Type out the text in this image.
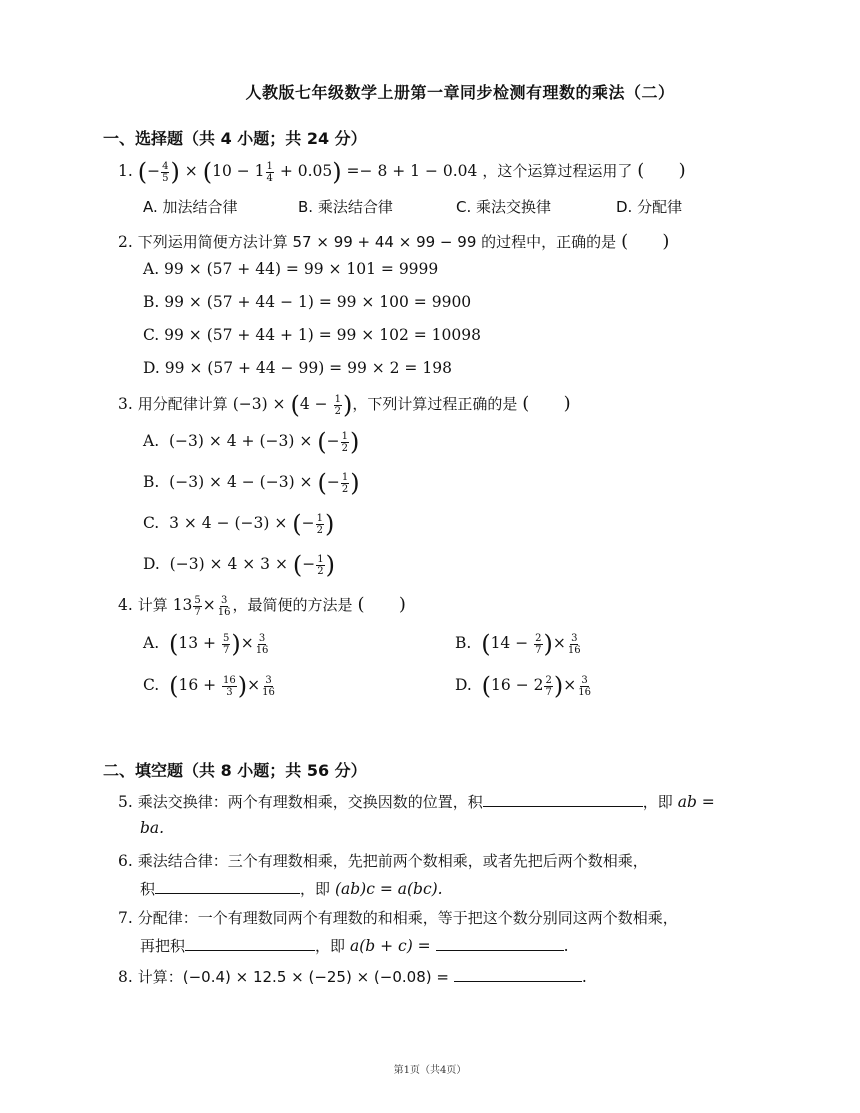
人教版七年级数学上册第一章同步检测有理数的乘法（二）
一、选择题（共 4 小题；共 24 分）
1. (− $\frac{4}{5}$ ) × $(10 - 1 \frac{1}{4} + 0.05) =- 8 + 1 - 0.04$ ，这个运算过程运用了 (      )
A. 加法结合律	B. 乘法结合律	C. 乘法交换律	D. 分配律
2. 下列运用简便方法计算 57 × 99 + 44 × 99 − 99 的过程中，正确的是 (      )
A. 99 × (57 + 44) = 99 × 101 = 9999
B. 99 × (57 + 44 − 1) = 99 × 100 = 9900
C. 99 × (57 + 44 + 1) = 99 × 102 = 10098
D. 99 × (57 + 44 − 99) = 99 × 2 = 198
3. 用分配律计算 $(-3) \times (4 - \frac{1}{2}$ )，下列计算过程正确的是 (      )
A.  (−3) × 4 + (−3) × (− $\frac{1}{2}$ )
B.  (−3) × 4 − (−3) × (− $\frac{1}{2}$ )
C.  3 × 4 − (−3) × (− $\frac{1}{2}$ )
D.  (−3) × 4 × 3 × (− $\frac{1}{2}$ )
4. 计算 $13 \frac{5}{7} \times \frac{3}{16}$ ，最简便的方法是 (      )
A. ($13 + \frac{5}{7}$ )× $\frac{3}{16}$	B. ($14 - \frac{2}{7}$ )× $\frac{3}{16}$
C. ($16 + \frac{16}{3}$ )× $\frac{3}{16}$	D. ($16 - 2 \frac{2}{7}$ )× $\frac{3}{16}$
二、填空题（共 8 小题；共 56 分）
5. 乘法交换律：两个有理数相乘，交换因数的位置，积	，即 ab =
ba.
6. 乘法结合律：三个有理数相乘，先把前两个数相乘，或者先把后两个数相乘，
积	，即 (ab)c = a(bc).
7. 分配律：一个有理数同两个有理数的和相乘，等于把这个数分别同这两个数相乘，
再把积	，即 a(b + c) =	.
8. 计算：(−0.4) × 12.5 × (−25) × (−0.08) =	.
第1页（共4页）
